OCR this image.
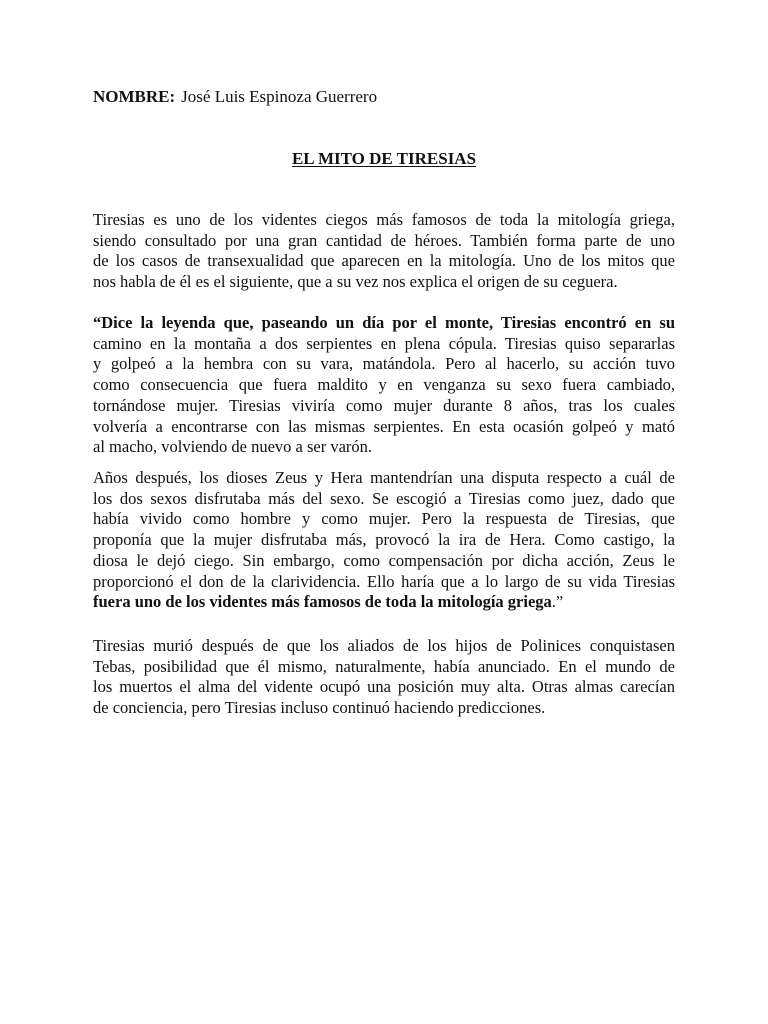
NOMBRE: José Luis Espinoza Guerrero
EL MITO DE TIRESIAS

Tiresias es uno de los videntes ciegos más famosos de toda la mitología griega,
siendo consultado por una gran cantidad de héroes. También forma parte de uno
de los casos de transexualidad que aparecen en la mitología. Uno de los mitos que
nos habla de él es el siguiente, que a su vez nos explica el origen de su ceguera.

“Dice la leyenda que, paseando un día por el monte, Tiresias encontró en su
camino en la montaña a dos serpientes en plena cópula. Tiresias quiso separarlas
y golpeó a la hembra con su vara, matándola. Pero al hacerlo, su acción tuvo
como consecuencia que fuera maldito y en venganza su sexo fuera cambiado,
tornándose mujer. Tiresias viviría como mujer durante 8 años, tras los cuales
volvería a encontrarse con las mismas serpientes. En esta ocasión golpeó y mató
al macho, volviendo de nuevo a ser varón.

Años después, los dioses Zeus y Hera mantendrían una disputa respecto a cuál de
los dos sexos disfrutaba más del sexo. Se escogió a Tiresias como juez, dado que
había vivido como hombre y como mujer. Pero la respuesta de Tiresias, que
proponía que la mujer disfrutaba más, provocó la ira de Hera. Como castigo, la
diosa le dejó ciego. Sin embargo, como compensación por dicha acción, Zeus le
proporcionó el don de la clarividencia. Ello haría que a lo largo de su vida Tiresias
fuera uno de los videntes más famosos de toda la mitología griega.”

Tiresias murió después de que los aliados de los hijos de Polinices conquistasen
Tebas, posibilidad que él mismo, naturalmente, había anunciado. En el mundo de
los muertos el alma del vidente ocupó una posición muy alta. Otras almas carecían
de conciencia, pero Tiresias incluso continuó haciendo predicciones.
